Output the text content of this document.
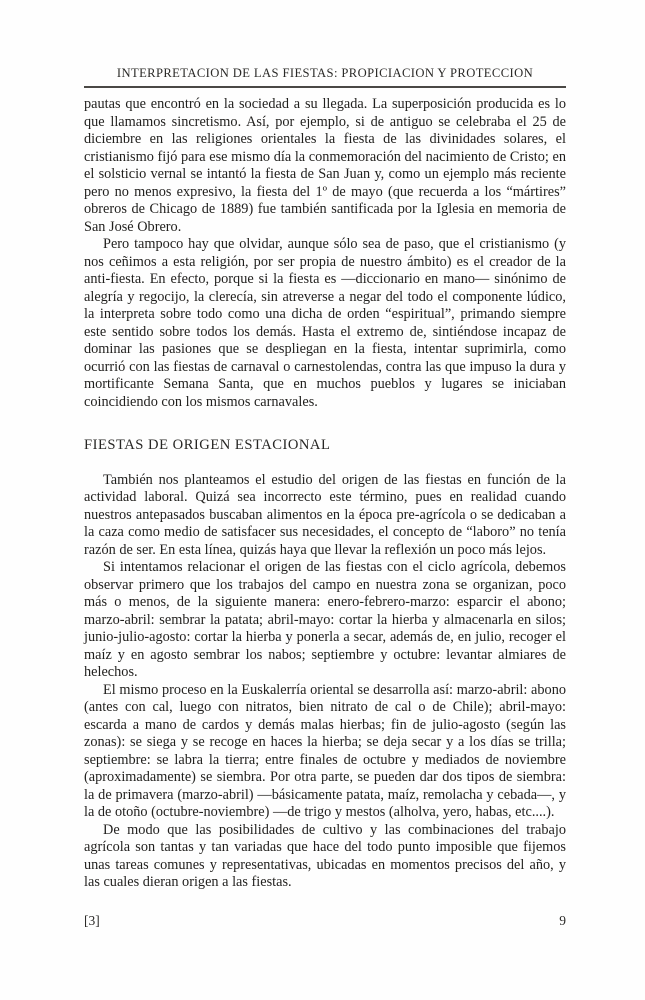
INTERPRETACION DE LAS FIESTAS: PROPICIACION Y PROTECCION

pautas que encontró en la sociedad a su llegada. La superposición producida es lo que llamamos sincretismo. Así, por ejemplo, si de antiguo se celebraba el 25 de diciembre en las religiones orientales la fiesta de las divinidades solares, el cristianismo fijó para ese mismo día la conmemoración del nacimiento de Cristo; en el solsticio vernal se intantó la fiesta de San Juan y, como un ejemplo más reciente pero no menos expresivo, la fiesta del 1º de mayo (que recuerda a los “mártires” obreros de Chicago de 1889) fue también santificada por la Iglesia en memoria de San José Obrero.

Pero tampoco hay que olvidar, aunque sólo sea de paso, que el cristianismo (y nos ceñimos a esta religión, por ser propia de nuestro ámbito) es el creador de la anti-fiesta. En efecto, porque si la fiesta es —diccionario en mano— sinónimo de alegría y regocijo, la clerecía, sin atreverse a negar del todo el componente lúdico, la interpreta sobre todo como una dicha de orden “espiritual”, primando siempre este sentido sobre todos los demás. Hasta el extremo de, sintiéndose incapaz de dominar las pasiones que se despliegan en la fiesta, intentar suprimirla, como ocurrió con las fiestas de carnaval o carnestolendas, contra las que impuso la dura y mortificante Semana Santa, que en muchos pueblos y lugares se iniciaban coincidiendo con los mismos carnavales.

FIESTAS DE ORIGEN ESTACIONAL

También nos planteamos el estudio del origen de las fiestas en función de la actividad laboral. Quizá sea incorrecto este término, pues en realidad cuando nuestros antepasados buscaban alimentos en la época pre-agrícola o se dedicaban a la caza como medio de satisfacer sus necesidades, el concepto de “laboro” no tenía razón de ser. En esta línea, quizás haya que llevar la reflexión un poco más lejos.

Si intentamos relacionar el origen de las fiestas con el ciclo agrícola, debemos observar primero que los trabajos del campo en nuestra zona se organizan, poco más o menos, de la siguiente manera: enero-febrero-marzo: esparcir el abono; marzo-abril: sembrar la patata; abril-mayo: cortar la hierba y almacenarla en silos; junio-julio-agosto: cortar la hierba y ponerla a secar, además de, en julio, recoger el maíz y en agosto sembrar los nabos; septiembre y octubre: levantar almiares de helechos.

El mismo proceso en la Euskalerría oriental se desarrolla así: marzo-abril: abono (antes con cal, luego con nitratos, bien nitrato de cal o de Chile); abril-mayo: escarda a mano de cardos y demás malas hierbas; fin de julio-agosto (según las zonas): se siega y se recoge en haces la hierba; se deja secar y a los días se trilla; septiembre: se labra la tierra; entre finales de octubre y mediados de noviembre (aproximadamente) se siembra. Por otra parte, se pueden dar dos tipos de siembra: la de primavera (marzo-abril) —básicamente patata, maíz, remolacha y cebada—, y la de otoño (octubre-noviembre) —de trigo y mestos (alholva, yero, habas, etc....).

De modo que las posibilidades de cultivo y las combinaciones del trabajo agrícola son tantas y tan variadas que hace del todo punto imposible que fijemos unas tareas comunes y representativas, ubicadas en momentos precisos del año, y las cuales dieran origen a las fiestas.

[3]	9
